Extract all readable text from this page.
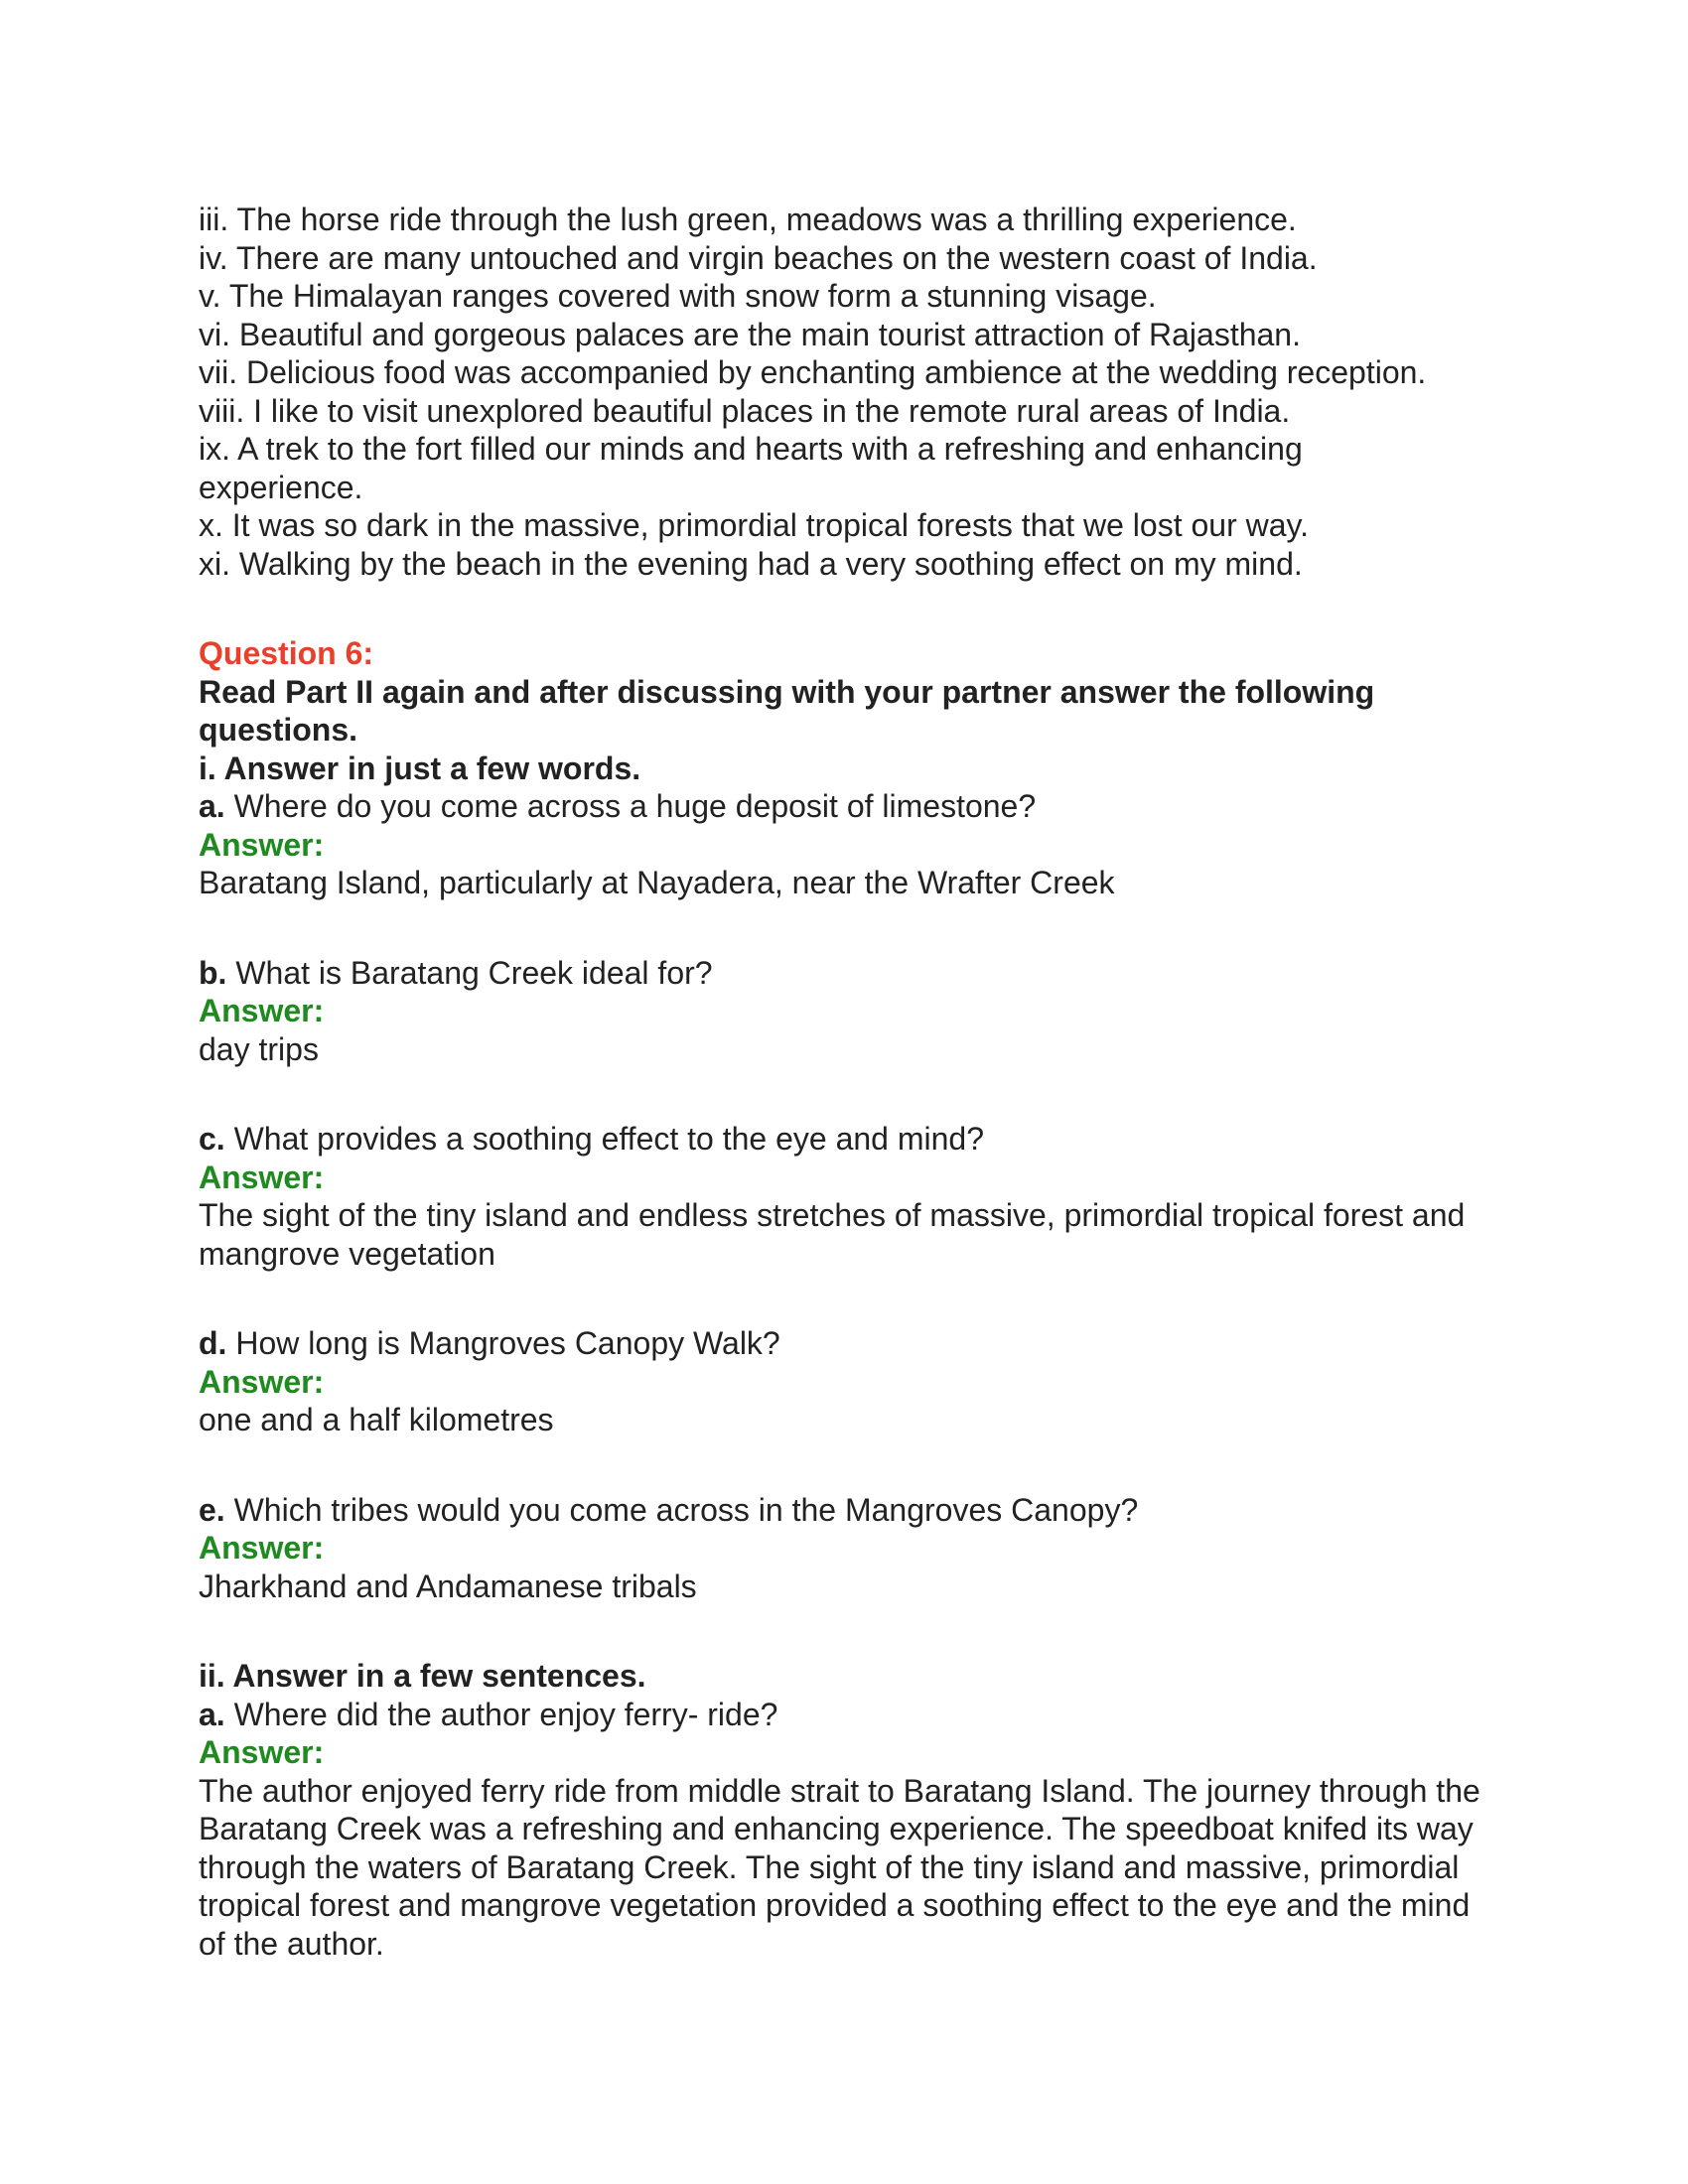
iii. The horse ride through the lush green, meadows was a thrilling experience.
iv. There are many untouched and virgin beaches on the western coast of India.
v. The Himalayan ranges covered with snow form a stunning visage.
vi. Beautiful and gorgeous palaces are the main tourist attraction of Rajasthan.
vii. Delicious food was accompanied by enchanting ambience at the wedding reception.
viii. I like to visit unexplored beautiful places in the remote rural areas of India.
ix. A trek to the fort filled our minds and hearts with a refreshing and enhancing experience.
x. It was so dark in the massive, primordial tropical forests that we lost our way.
xi. Walking by the beach in the evening had a very soothing effect on my mind.
Question 6:
Read Part II again and after discussing with your partner answer the following questions.
i. Answer in just a few words.
a. Where do you come across a huge deposit of limestone?
Answer:
Baratang Island, particularly at Nayadera, near the Wrafter Creek
b. What is Baratang Creek ideal for?
Answer:
day trips
c. What provides a soothing effect to the eye and mind?
Answer:
The sight of the tiny island and endless stretches of massive, primordial tropical forest and mangrove vegetation
d. How long is Mangroves Canopy Walk?
Answer:
one and a half kilometres
e. Which tribes would you come across in the Mangroves Canopy?
Answer:
Jharkhand and Andamanese tribals
ii. Answer in a few sentences.
a. Where did the author enjoy ferry- ride?
Answer:
The author enjoyed ferry ride from middle strait to Baratang Island. The journey through the Baratang Creek was a refreshing and enhancing experience. The speedboat knifed its way through the waters of Baratang Creek. The sight of the tiny island and massive, primordial tropical forest and mangrove vegetation provided a soothing effect to the eye and the mind of the author.
